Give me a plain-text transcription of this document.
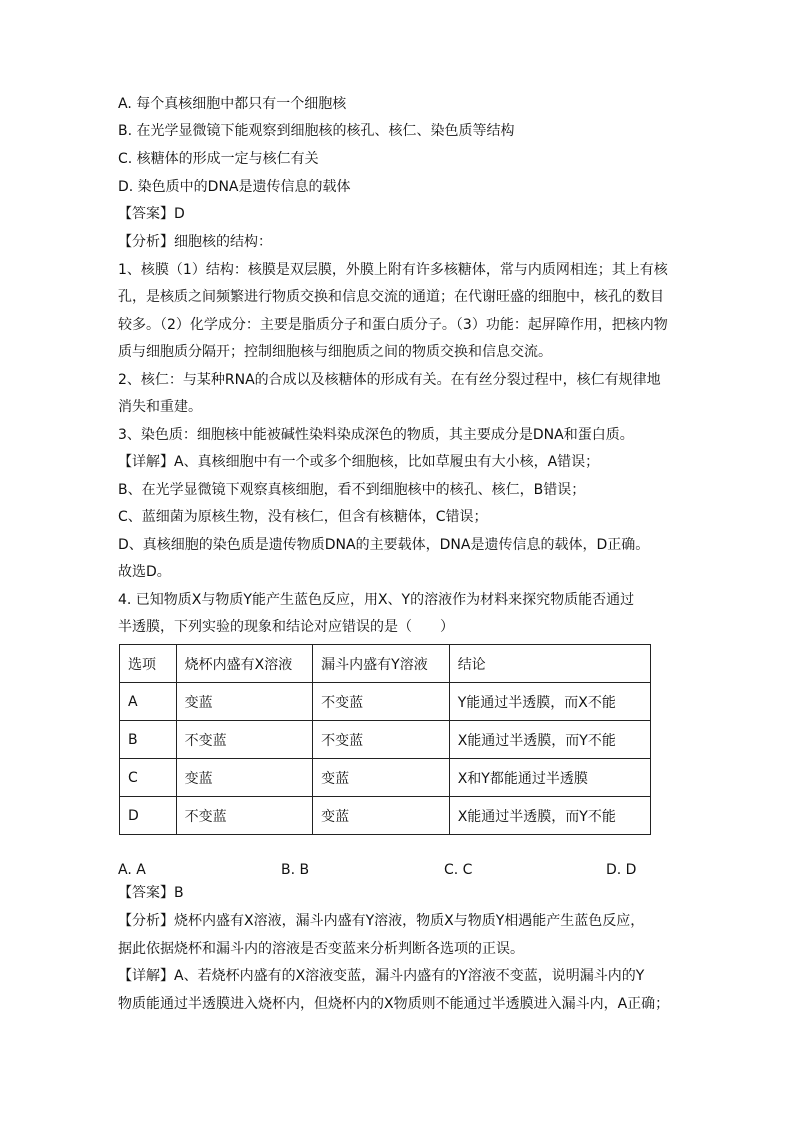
A. 每个真核细胞中都只有一个细胞核
B. 在光学显微镜下能观察到细胞核的核孔、核仁、染色质等结构
C. 核糖体的形成一定与核仁有关
D. 染色质中的DNA是遗传信息的载体
【答案】D
【分析】细胞核的结构：
1、核膜（1）结构：核膜是双层膜，外膜上附有许多核糖体，常与内质网相连；其上有核
孔，是核质之间频繁进行物质交换和信息交流的通道；在代谢旺盛的细胞中，核孔的数目
较多。（2）化学成分：主要是脂质分子和蛋白质分子。（3）功能：起屏障作用，把核内物
质与细胞质分隔开；控制细胞核与细胞质之间的物质交换和信息交流。
2、核仁：与某种RNA的合成以及核糖体的形成有关。在有丝分裂过程中，核仁有规律地
消失和重建。
3、染色质：细胞核中能被碱性染料染成深色的物质，其主要成分是DNA和蛋白质。
【详解】A、真核细胞中有一个或多个细胞核，比如草履虫有大小核，A错误；
B、在光学显微镜下观察真核细胞，看不到细胞核中的核孔、核仁，B错误；
C、蓝细菌为原核生物，没有核仁，但含有核糖体，C错误；
D、真核细胞的染色质是遗传物质DNA的主要载体，DNA是遗传信息的载体，D正确。
故选D。
4. 已知物质X与物质Y能产生蓝色反应，用X、Y的溶液作为材料来探究物质能否通过
半透膜，下列实验的现象和结论对应错误的是（　　）
选项	烧杯内盛有X溶液	漏斗内盛有Y溶液	结论
A	变蓝	不变蓝	Y能通过半透膜，而X不能
B	不变蓝	不变蓝	X能通过半透膜，而Y不能
C	变蓝	变蓝	X和Y都能通过半透膜
D	不变蓝	变蓝	X能通过半透膜，而Y不能
A. A	B. B	C. C	D. D
【答案】B
【分析】烧杯内盛有X溶液，漏斗内盛有Y溶液，物质X与物质Y相遇能产生蓝色反应，
据此依据烧杯和漏斗内的溶液是否变蓝来分析判断各选项的正误。
【详解】A、若烧杯内盛有的X溶液变蓝，漏斗内盛有的Y溶液不变蓝，说明漏斗内的Y
物质能通过半透膜进入烧杯内，但烧杯内的X物质则不能通过半透膜进入漏斗内，A正确；
